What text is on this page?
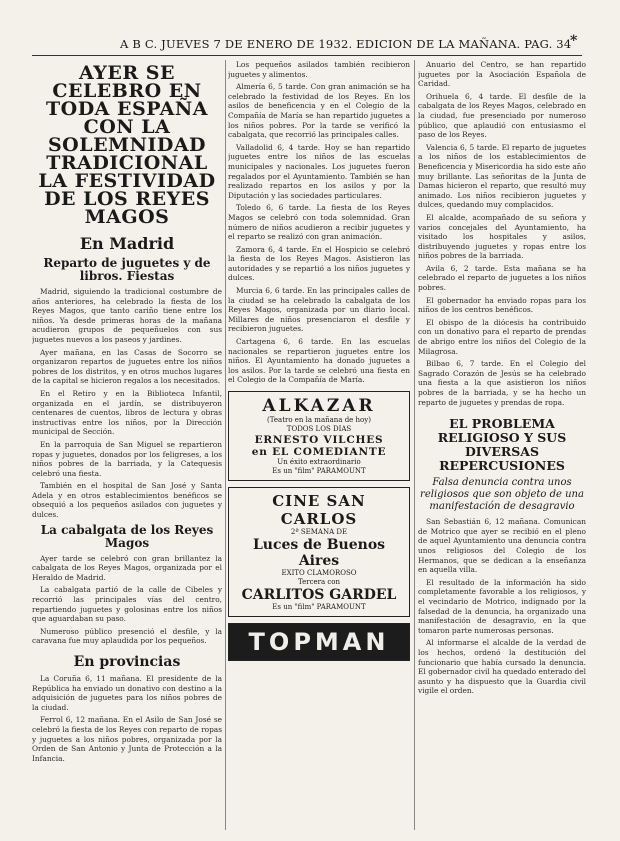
A B C. JUEVES 7 DE ENERO DE 1932. EDICION DE LA MAÑANA. PAG. 34
*
AYER SE CELEBRO EN TODA ESPAÑA CON LA SOLEMNIDAD TRADICIONAL LA FESTIVIDAD DE LOS REYES MAGOS
En Madrid
Reparto de juguetes y de libros. Fiestas

Madrid, siguiendo la tradicional costumbre de años anteriores, ha celebrado la fiesta de los Reyes Magos, que tanto cariño tiene entre los niños. Ya desde primeras horas de la mañana acudieron grupos de pequeñuelos con sus juguetes nuevos a los paseos y jardines.

Ayer mañana, en las Casas de Socorro se organizaron repartos de juguetes entre los niños pobres de los distritos, y en otros muchos lugares de la capital se hicieron regalos a los necesitados.

En el Retiro y en la Biblioteca Infantil, organizada en el jardín, se distribuyeron centenares de cuentos, libros de lectura y obras instructivas entre los niños, por la Dirección municipal de Sección.

En la parroquia de San Miguel se repartieron ropas y juguetes, donados por los feligreses, a los niños pobres de la barriada, y la Catequesis celebró una fiesta.

También en el hospital de San José y Santa Adela y en otros establecimientos benéficos se obsequió a los pequeños asilados con juguetes y dulces.

La cabalgata de los Reyes Magos

Ayer tarde se celebró con gran brillantez la cabalgata de los Reyes Magos, organizada por el Heraldo de Madrid.

La cabalgata partió de la calle de Cibeles y recorrió las principales vías del centro, repartiendo juguetes y golosinas entre los niños que aguardaban su paso.

Numeroso público presenció el desfile, y la caravana fue muy aplaudida por los pequeños.

En provincias

La Coruña 6, 11 mañana. El presidente de la República ha enviado un donativo con destino a la adquisición de juguetes para los niños pobres de la ciudad.

Ferrol 6, 12 mañana. En el Asilo de San José se celebró la fiesta de los Reyes con reparto de ropas y juguetes a los niños pobres, organizada por la Orden de San Antonio y Junta de Protección a la Infancia.

Los pequeños asilados también recibieron juguetes y alimentos.

Almería 6, 5 tarde. Con gran animación se ha celebrado la festividad de los Reyes. En los asilos de beneficencia y en el Colegio de la Compañía de María se han repartido juguetes a los niños pobres. Por la tarde se verificó la cabalgata, que recorrió las principales calles.

Valladolid 6, 4 tarde. Hoy se han repartido juguetes entre los niños de las escuelas municipales y nacionales. Los juguetes fueron regalados por el Ayuntamiento. También se han realizado repartos en los asilos y por la Diputación y las sociedades particulares.

Toledo 6, 6 tarde. La fiesta de los Reyes Magos se celebró con toda solemnidad. Gran número de niños acudieron a recibir juguetes y el reparto se realizó con gran animación.

Zamora 6, 4 tarde. En el Hospicio se celebró la fiesta de los Reyes Magos. Asistieron las autoridades y se repartió a los niños juguetes y dulces.

Murcia 6, 6 tarde. En las principales calles de la ciudad se ha celebrado la cabalgata de los Reyes Magos, organizada por un diario local. Millares de niños presenciaron el desfile y recibieron juguetes.

Cartagena 6, 6 tarde. En las escuelas nacionales se repartieron juguetes entre los niños. El Ayuntamiento ha donado juguetes a los asilos. Por la tarde se celebró una fiesta en el Colegio de la Compañía de María.

ALKAZAR
(Teatro en la mañana de hoy)
TODOS LOS DIAS
ERNESTO VILCHES
en EL COMEDIANTE
Un éxito extraordinario
Es un "film" PARAMOUNT
CINE SAN CARLOS
2ª SEMANA DE
Luces de Buenos Aires
EXITO CLAMOROSO
Tercera con
CARLITOS GARDEL
Es un "film" PARAMOUNT
TOPMAN

Anuario del Centro, se han repartido juguetes por la Asociación Española de Caridad.

Orihuela 6, 4 tarde. El desfile de la cabalgata de los Reyes Magos, celebrado en la ciudad, fue presenciado por numeroso público, que aplaudió con entusiasmo el paso de los Reyes.

Valencia 6, 5 tarde. El reparto de juguetes a los niños de los establecimientos de Beneficencia y Misericordia ha sido este año muy brillante. Las señoritas de la Junta de Damas hicieron el reparto, que resultó muy animado. Los niños recibieron juguetes y dulces, quedando muy complacidos.

El alcalde, acompañado de su señora y varios concejales del Ayuntamiento, ha visitado los hospitales y asilos, distribuyendo juguetes y ropas entre los niños pobres de la barriada.

Avila 6, 2 tarde. Esta mañana se ha celebrado el reparto de juguetes a los niños pobres.

El gobernador ha enviado ropas para los niños de los centros benéficos.

El obispo de la diócesis ha contribuido con un donativo para el reparto de prendas de abrigo entre los niños del Colegio de la Milagrosa.

Bilbao 6, 7 tarde. En el Colegio del Sagrado Corazón de Jesús se ha celebrado una fiesta a la que asistieron los niños pobres de la barriada, y se ha hecho un reparto de juguetes y prendas de ropa.

EL PROBLEMA RELIGIOSO Y SUS DIVERSAS REPERCUSIONES
Falsa denuncia contra unos religiosos que son objeto de una manifestación de desagravio

San Sebastián 6, 12 mañana. Comunican de Motrico que ayer se recibió en el pleno de aquel Ayuntamiento una denuncia contra unos religiosos del Colegio de los Hermanos, que se dedican a la enseñanza en aquella villa.

El resultado de la información ha sido completamente favorable a los religiosos, y el vecindario de Motrico, indignado por la falsedad de la denuncia, ha organizado una manifestación de desagravio, en la que tomaron parte numerosas personas.

Al informarse el alcalde de la verdad de los hechos, ordenó la destitución del funcionario que había cursado la denuncia. El gobernador civil ha quedado enterado del asunto y ha dispuesto que la Guardia civil vigile el orden.
